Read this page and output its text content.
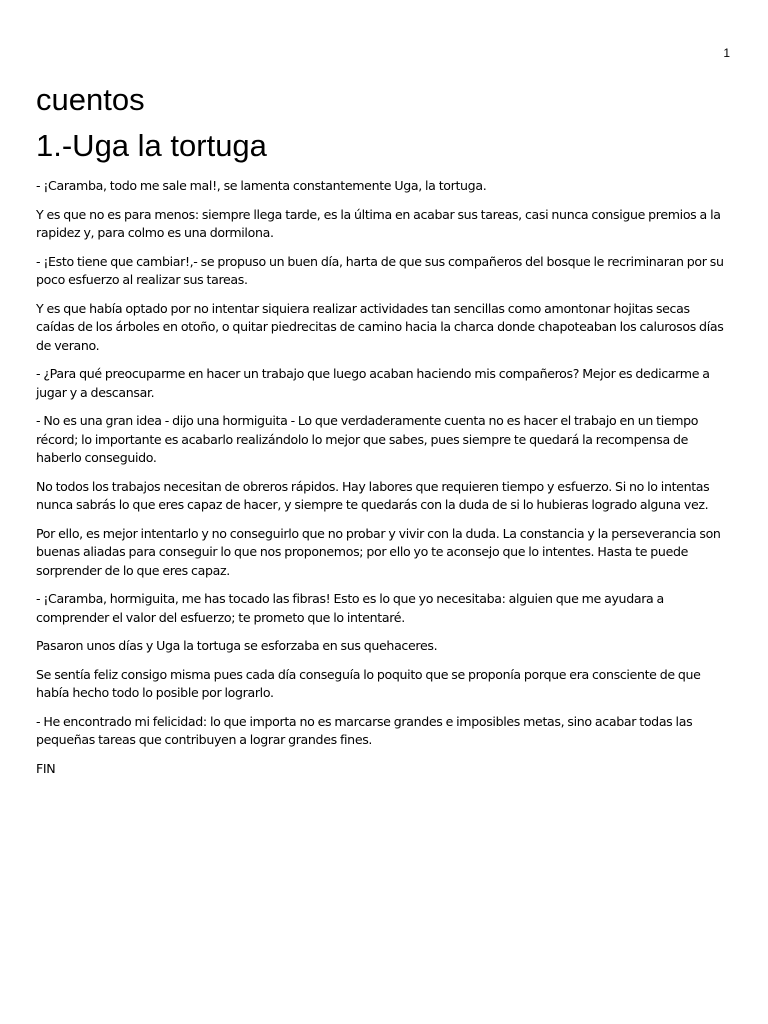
1
cuentos
1.-Uga la tortuga

- ¡Caramba, todo me sale mal!, se lamenta constantemente Uga, la tortuga.

Y es que no es para menos: siempre llega tarde, es la última en acabar sus tareas, casi nunca consigue premios a la rapidez y, para colmo es una dormilona.

- ¡Esto tiene que cambiar!,- se propuso un buen día, harta de que sus compañeros del bosque le recriminaran por su poco esfuerzo al realizar sus tareas.

Y es que había optado por no intentar siquiera realizar actividades tan sencillas como amontonar hojitas secas caídas de los árboles en otoño, o quitar piedrecitas de camino hacia la charca donde chapoteaban los calurosos días de verano.

- ¿Para qué preocuparme en hacer un trabajo que luego acaban haciendo mis compañeros? Mejor es dedicarme a jugar y a descansar.

- No es una gran idea - dijo una hormiguita - Lo que verdaderamente cuenta no es hacer el trabajo en un tiempo récord; lo importante es acabarlo realizándolo lo mejor que sabes, pues siempre te quedará la recompensa de haberlo conseguido.

No todos los trabajos necesitan de obreros rápidos. Hay labores que requieren tiempo y esfuerzo. Si no lo intentas nunca sabrás lo que eres capaz de hacer, y siempre te quedarás con la duda de si lo hubieras logrado alguna vez.

Por ello, es mejor intentarlo y no conseguirlo que no probar y vivir con la duda. La constancia y la perseverancia son buenas aliadas para conseguir lo que nos proponemos; por ello yo te aconsejo que lo intentes. Hasta te puede sorprender de lo que eres capaz.

- ¡Caramba, hormiguita, me has tocado las fibras! Esto es lo que yo necesitaba: alguien que me ayudara a comprender el valor del esfuerzo; te prometo que lo intentaré.

Pasaron unos días y Uga la tortuga se esforzaba en sus quehaceres.

Se sentía feliz consigo misma pues cada día conseguía lo poquito que se proponía porque era consciente de que había hecho todo lo posible por lograrlo.

- He encontrado mi felicidad: lo que importa no es marcarse grandes e imposibles metas, sino acabar todas las pequeñas tareas que contribuyen a lograr grandes fines.

FIN
